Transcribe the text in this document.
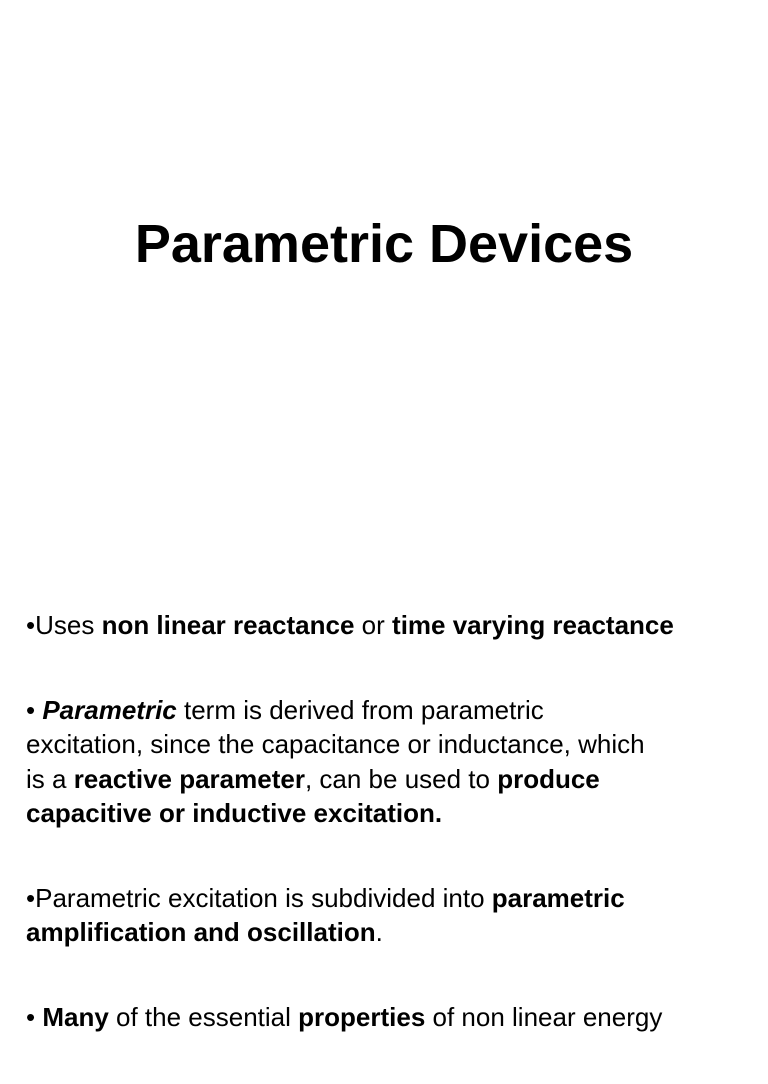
Parametric Devices

•Uses non linear reactance or time varying reactance

• Parametric term is derived from parametric
excitation, since the capacitance or inductance, which
is a reactive parameter, can be used to produce
capacitive or inductive excitation.

•Parametric excitation is subdivided into parametric
amplification and oscillation.

• Many of the essential properties of non linear energy
